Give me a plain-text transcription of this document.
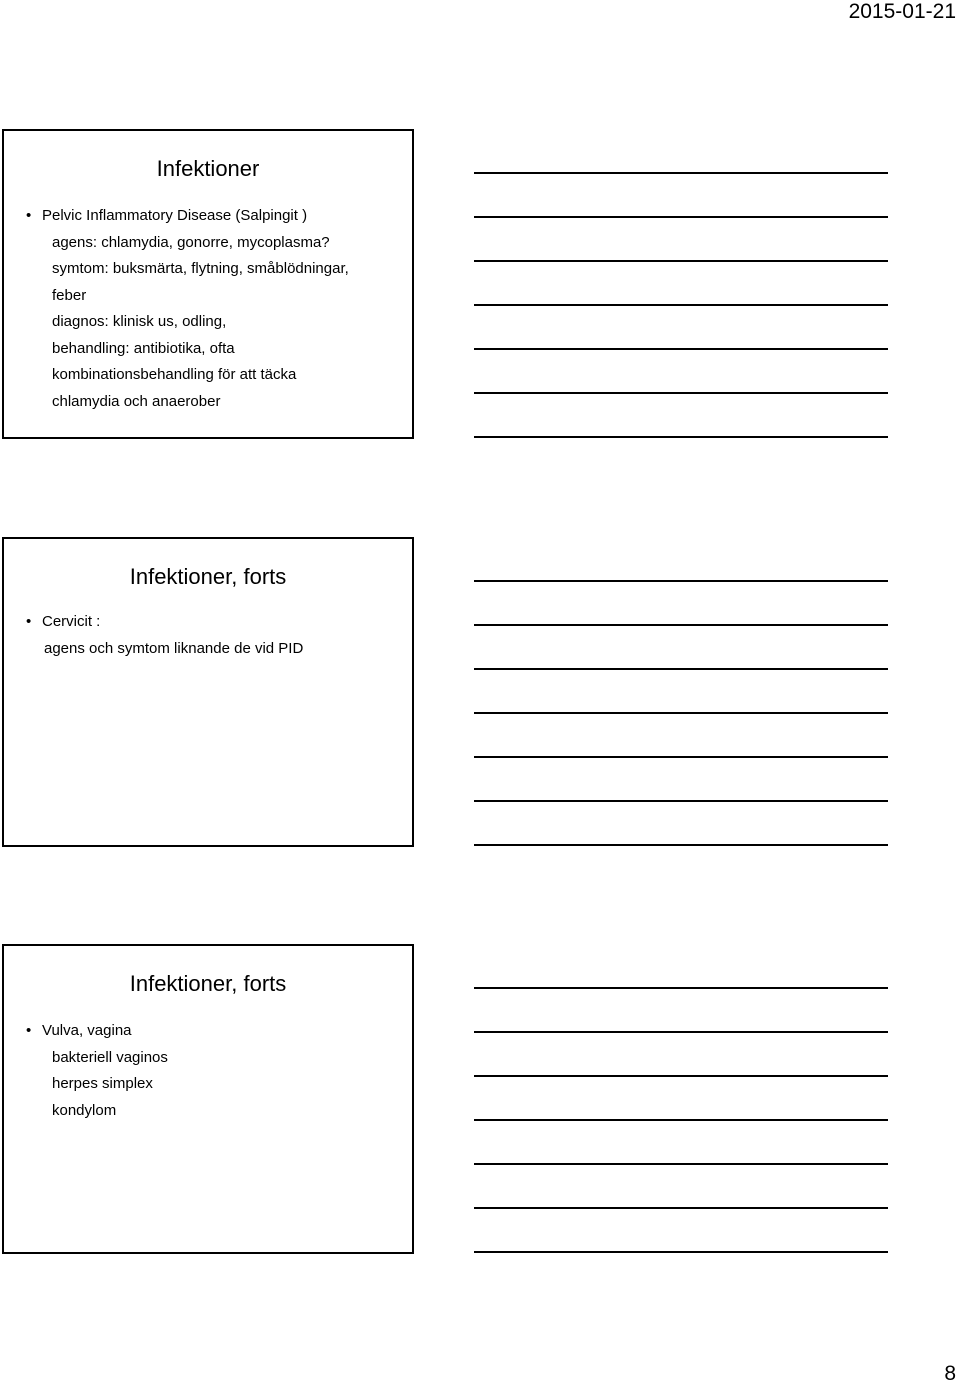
2015-01-21
Infektioner
• Pelvic Inflammatory Disease (Salpingit )
agens: chlamydia, gonorre, mycoplasma?
symtom: buksmärta, flytning, småblödningar,
feber
diagnos: klinisk us, odling,
behandling: antibiotika, ofta
kombinationsbehandling för att täcka
chlamydia och anaerober
Infektioner, forts
• Cervicit :
agens och symtom liknande de vid PID
Infektioner, forts
• Vulva, vagina
bakteriell vaginos
herpes simplex
kondylom
8
